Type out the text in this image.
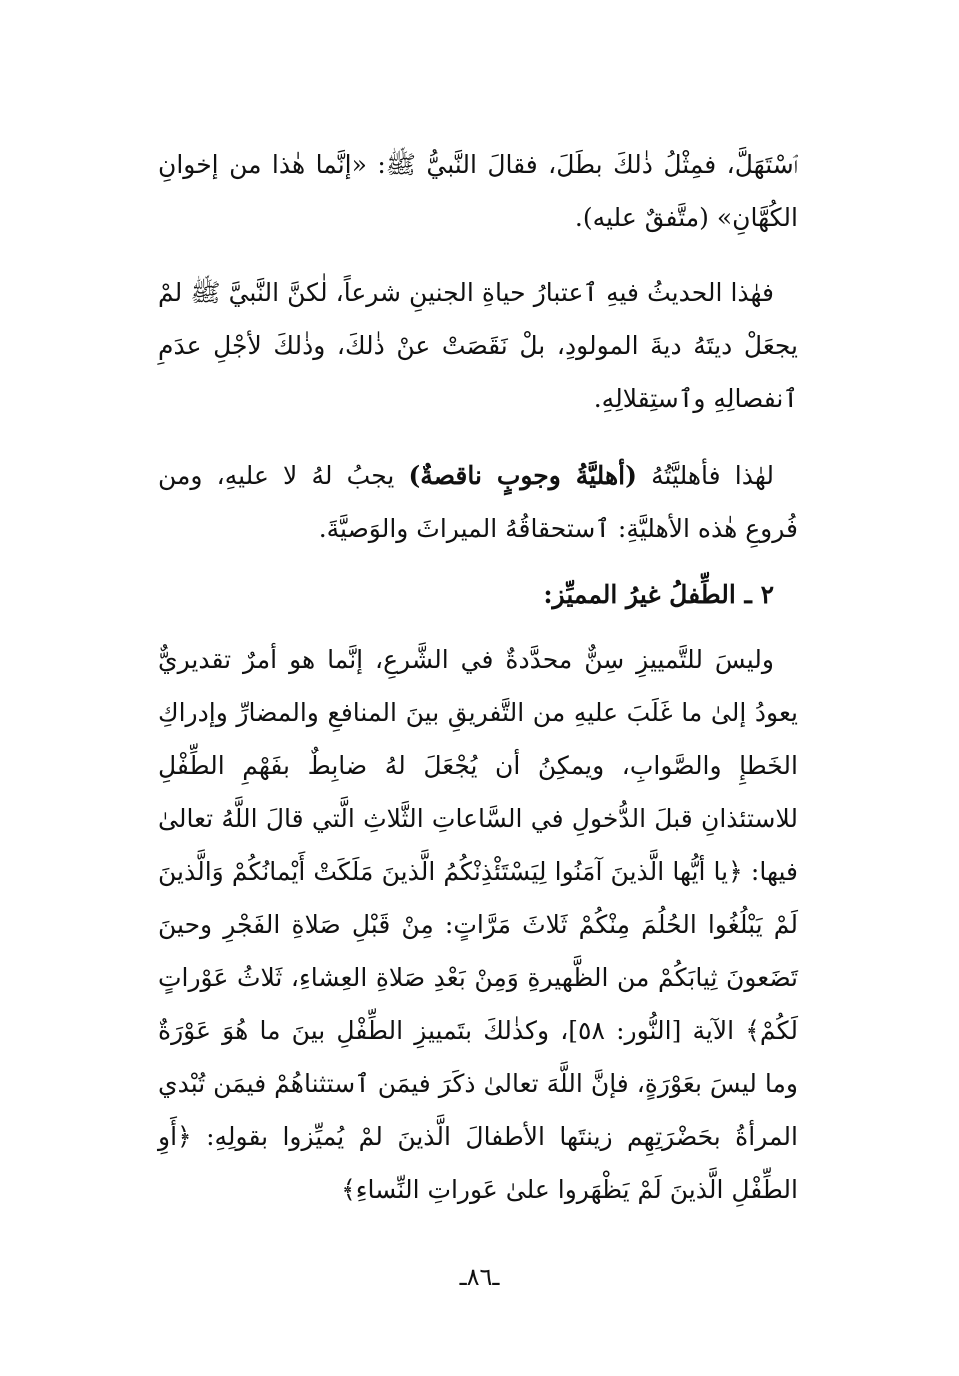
ٱسْتَهَلَّ، فمِثْلُ ذٰلكَ بطَلَ، فقالَ النَّبيُّ ﷺ: «إنَّما هٰذا من إخوانِ الكُهَّانِ» (متَّفقٌ عليه).

فهٰذا الحديثُ فيهِ ٱعتبارُ حياةِ الجنينِ شرعاً، لٰكنَّ النَّبيَّ ﷺ لمْ يجعَلْ ديتَهُ ديةَ المولودِ، بلْ نَقَصَتْ عنْ ذٰلكَ، وذٰلكَ لأجْلِ عدَمِ ٱنفصالِهِ وٱستِقلالِهِ.

لهٰذا فأهليَّتُهُ (أهليَّةُ وجوبٍ ناقصةٌ) يجبُ لهُ لا عليهِ، ومن فُروعِ هٰذه الأهليَّةِ: ٱستحقاقُهُ الميراثَ والوَصيَّةَ.

٢ ـ الطِّفلُ غيرُ المميِّز:

وليسَ للتَّمييزِ سِنٌّ محدَّدةٌ في الشَّرعِ، إنَّما هو أمرٌ تقديريٌّ يعودُ إلىٰ ما غَلَبَ عليهِ من التَّفريقِ بينَ المنافعِ والمضارِّ وإدراكِ الخَطإِ والصَّوابِ، ويمكِنُ أن يُجْعَلَ لهُ ضابِطٌ بفَهْمِ الطِّفْلِ للاستئذانِ قبلَ الدُّخولِ في السَّاعاتِ الثَّلاثِ الَّتي قالَ اللَّهُ تعالىٰ فيها: ﴿يا أيُّها الَّذينَ آمَنُوا لِيَسْتَئْذِنْكُمُ الَّذينَ مَلَكَتْ أَيْمانُكُمْ وَالَّذينَ لَمْ يَبْلُغُوا الحُلُمَ مِنْكُمْ ثَلاثَ مَرَّاتٍ: مِنْ قَبْلِ صَلاةِ الفَجْرِ وحينَ تَضَعونَ ثِيابَكُمْ من الظَّهيرةِ وَمِنْ بَعْدِ صَلاةِ العِشاءِ، ثَلاثُ عَوْراتٍ لَكُمْ﴾ الآية [النُّور: ٥٨]، وكذٰلكَ بتَمييزِ الطِّفْلِ بينَ ما هُوَ عَوْرَةٌ وما ليسَ بعَوْرَةٍ، فإنَّ اللَّهَ تعالىٰ ذكَرَ فيمَن ٱستثناهُمْ فيمَن تُبْدي المرأةُ بحَضْرَتِهِم زينتَها الأطفالَ الَّذينَ لمْ يُميِّزوا بقولِهِ: ﴿أَوِ الطِّفْلِ الَّذينَ لَمْ يَظْهَروا علىٰ عَوراتِ النِّساءِ﴾

ـ٨٦ـ
